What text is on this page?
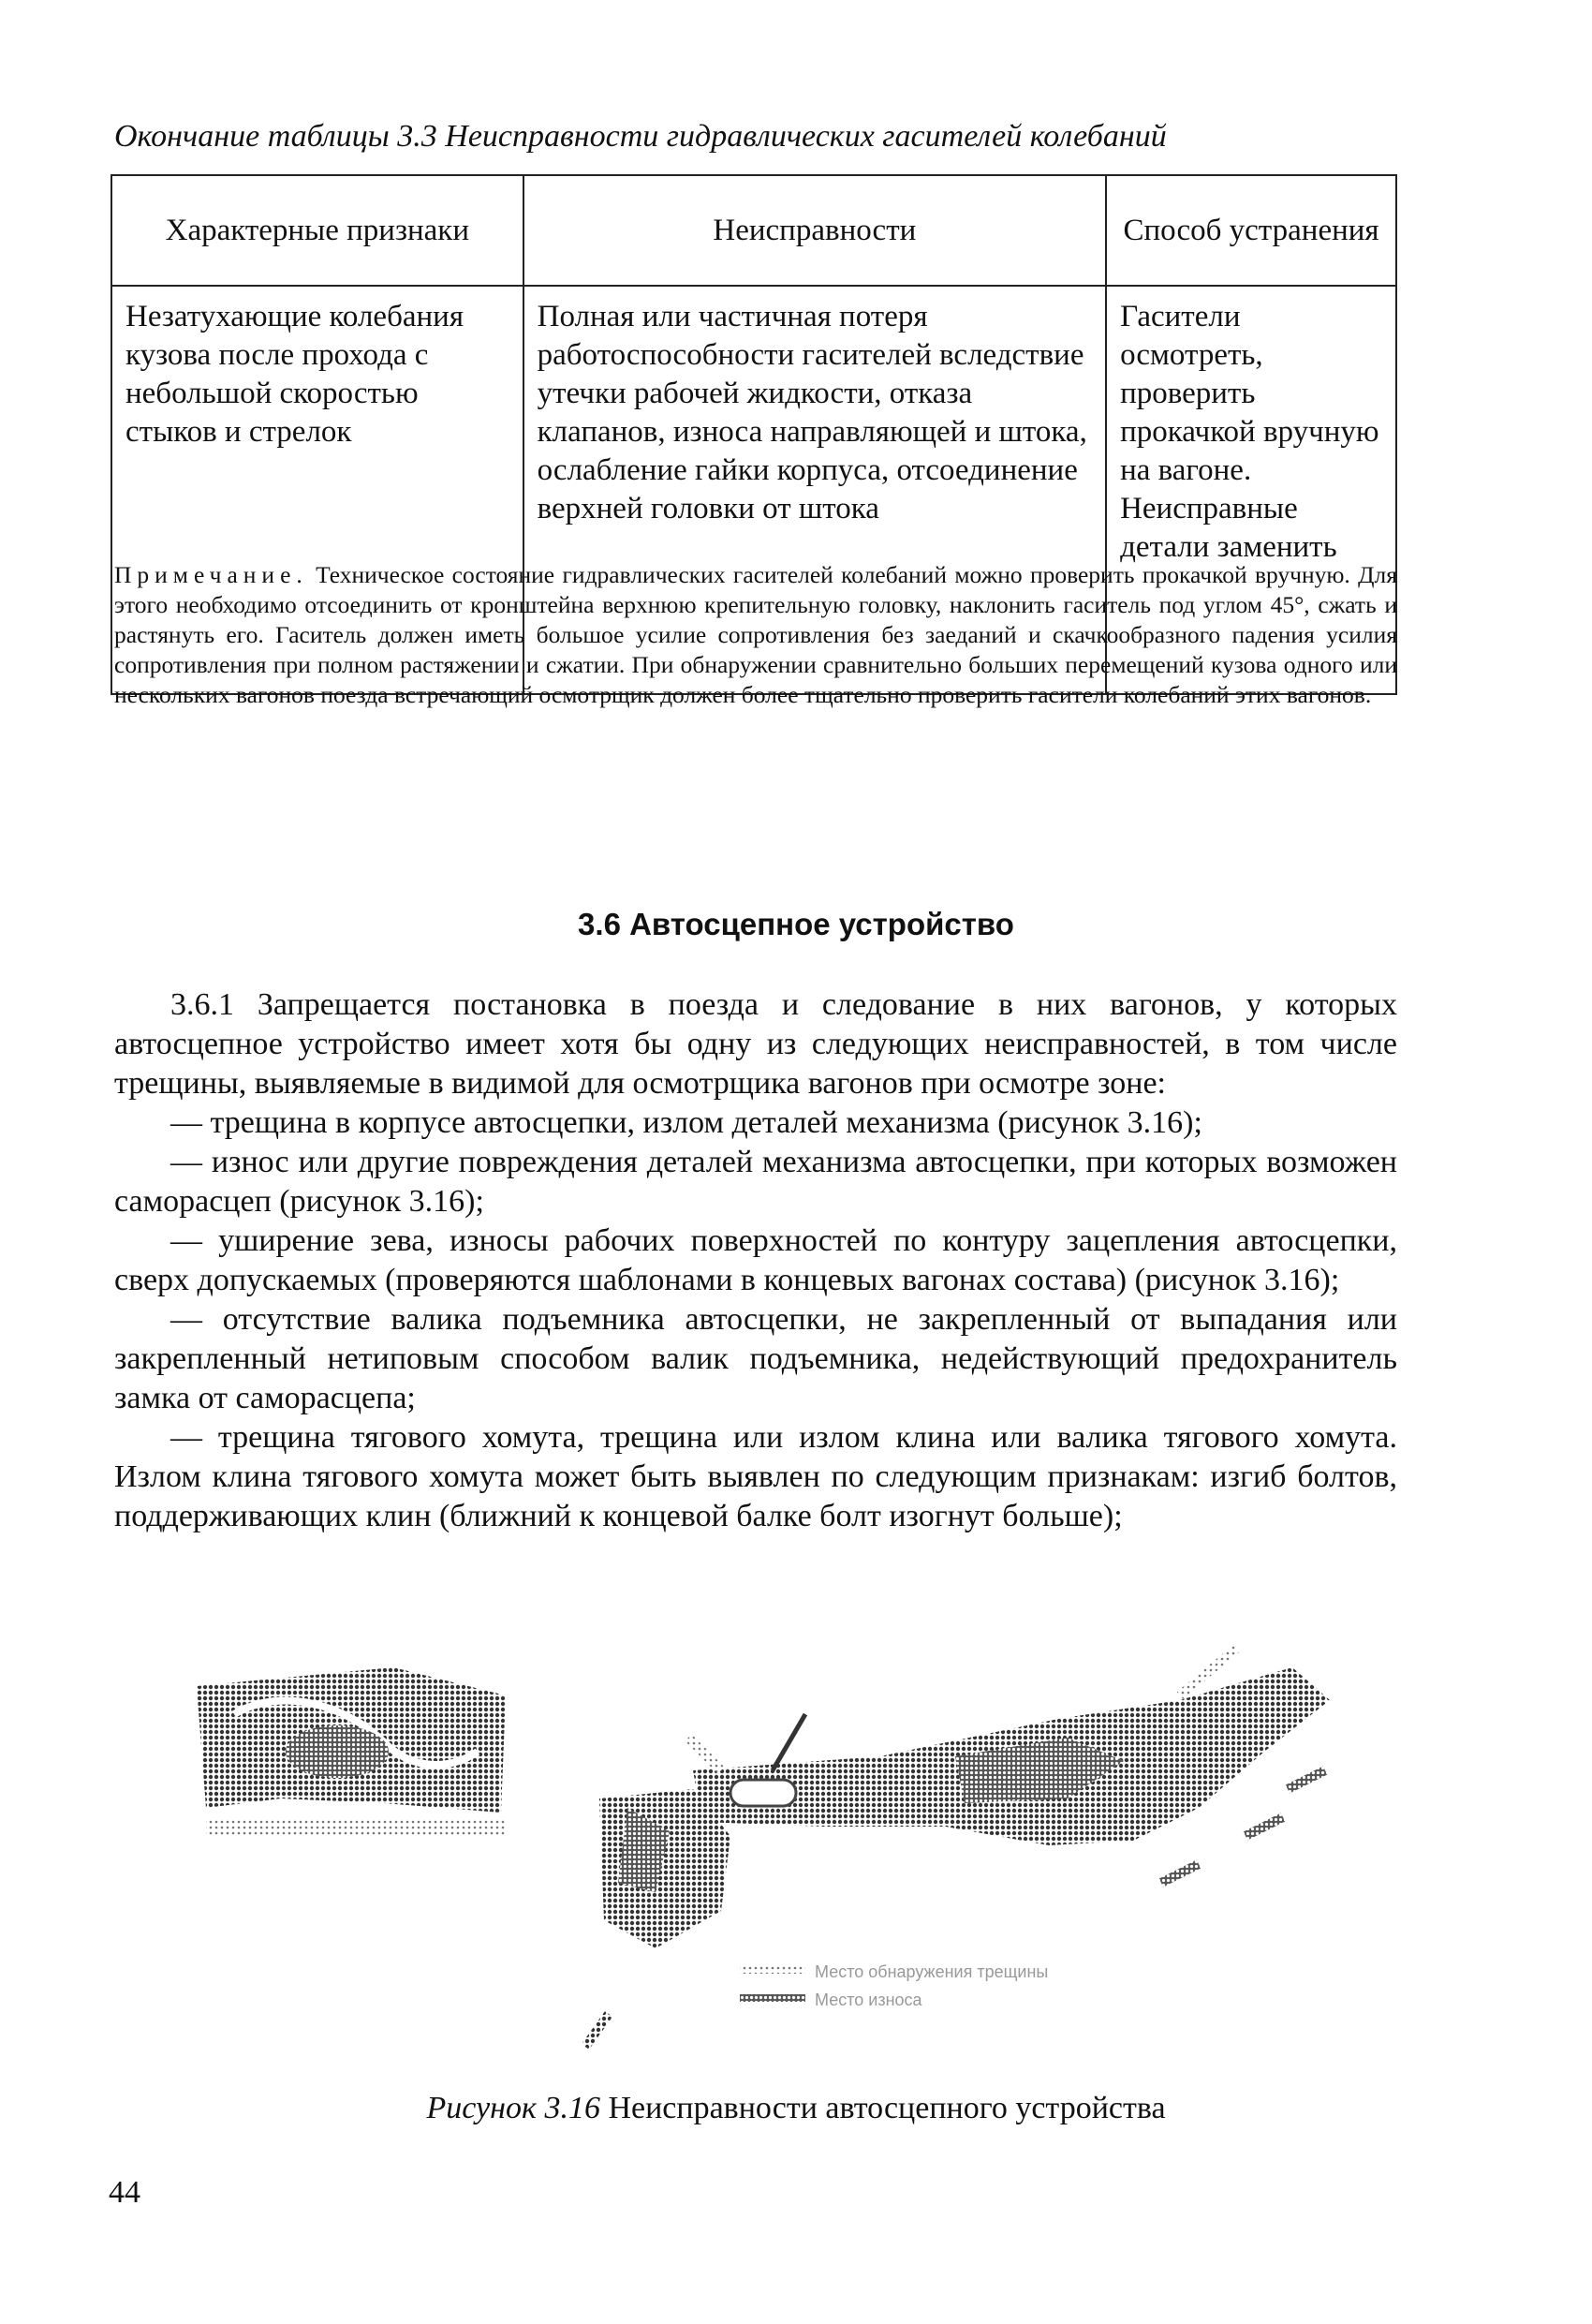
Окончание таблицы 3.3 Неисправности гидравлических гасителей колебаний
Характерные признаки	Неисправности	Способ устранения
Незатухающие колебания кузова после прохода с небольшой скоростью стыков и стрелок	Полная или частичная потеря работоспособности гасителей вследствие утечки рабочей жидкости, отказа клапанов, износа направляющей и штока, ослабление гайки корпуса, отсоединение верхней головки от штока	Гасители осмотреть, проверить прокачкой вручную на вагоне. Неисправные детали заменить
Примечание. Техническое состояние гидравлических гасителей колебаний можно проверить прокачкой вручную. Для этого необходимо отсоединить от кронштейна верхнюю крепительную головку, наклонить гаситель под углом 45°, сжать и растянуть его. Гаситель должен иметь большое усилие сопротивления без заеданий и скачкообразного падения усилия сопротивления при полном растяжении и сжатии. При обнаружении сравнительно больших перемещений кузова одного или нескольких вагонов поезда встречающий осмотрщик должен более тщательно проверить гасители колебаний этих вагонов.
3.6 Автосцепное устройство

3.6.1 Запрещается постановка в поезда и следование в них вагонов, у которых автосцепное устройство имеет хотя бы одну из следующих неисправностей, в том числе трещины, выявляемые в видимой для осмотрщика вагонов при осмотре зоне:

— трещина в корпусе автосцепки, излом деталей механизма (рисунок 3.16);

— износ или другие повреждения деталей механизма автосцепки, при которых возможен саморасцеп (рисунок 3.16);

— уширение зева, износы рабочих поверхностей по контуру зацепления автосцепки, сверх допускаемых (проверяются шаблонами в концевых вагонах состава) (рисунок 3.16);

— отсутствие валика подъемника автосцепки, не закрепленный от выпадания или закрепленный нетиповым способом валик подъемника, недействующий предохранитель замка от саморасцепа;

— трещина тягового хомута, трещина или излом клина или валика тягового хомута. Излом клина тягового хомута может быть выявлен по следующим признакам: изгиб болтов, поддерживающих клин (ближний к концевой балке болт изогнут больше);

Место обнаружения трещины
Место износа
Рисунок 3.16 Неисправности автосцепного устройства
44
